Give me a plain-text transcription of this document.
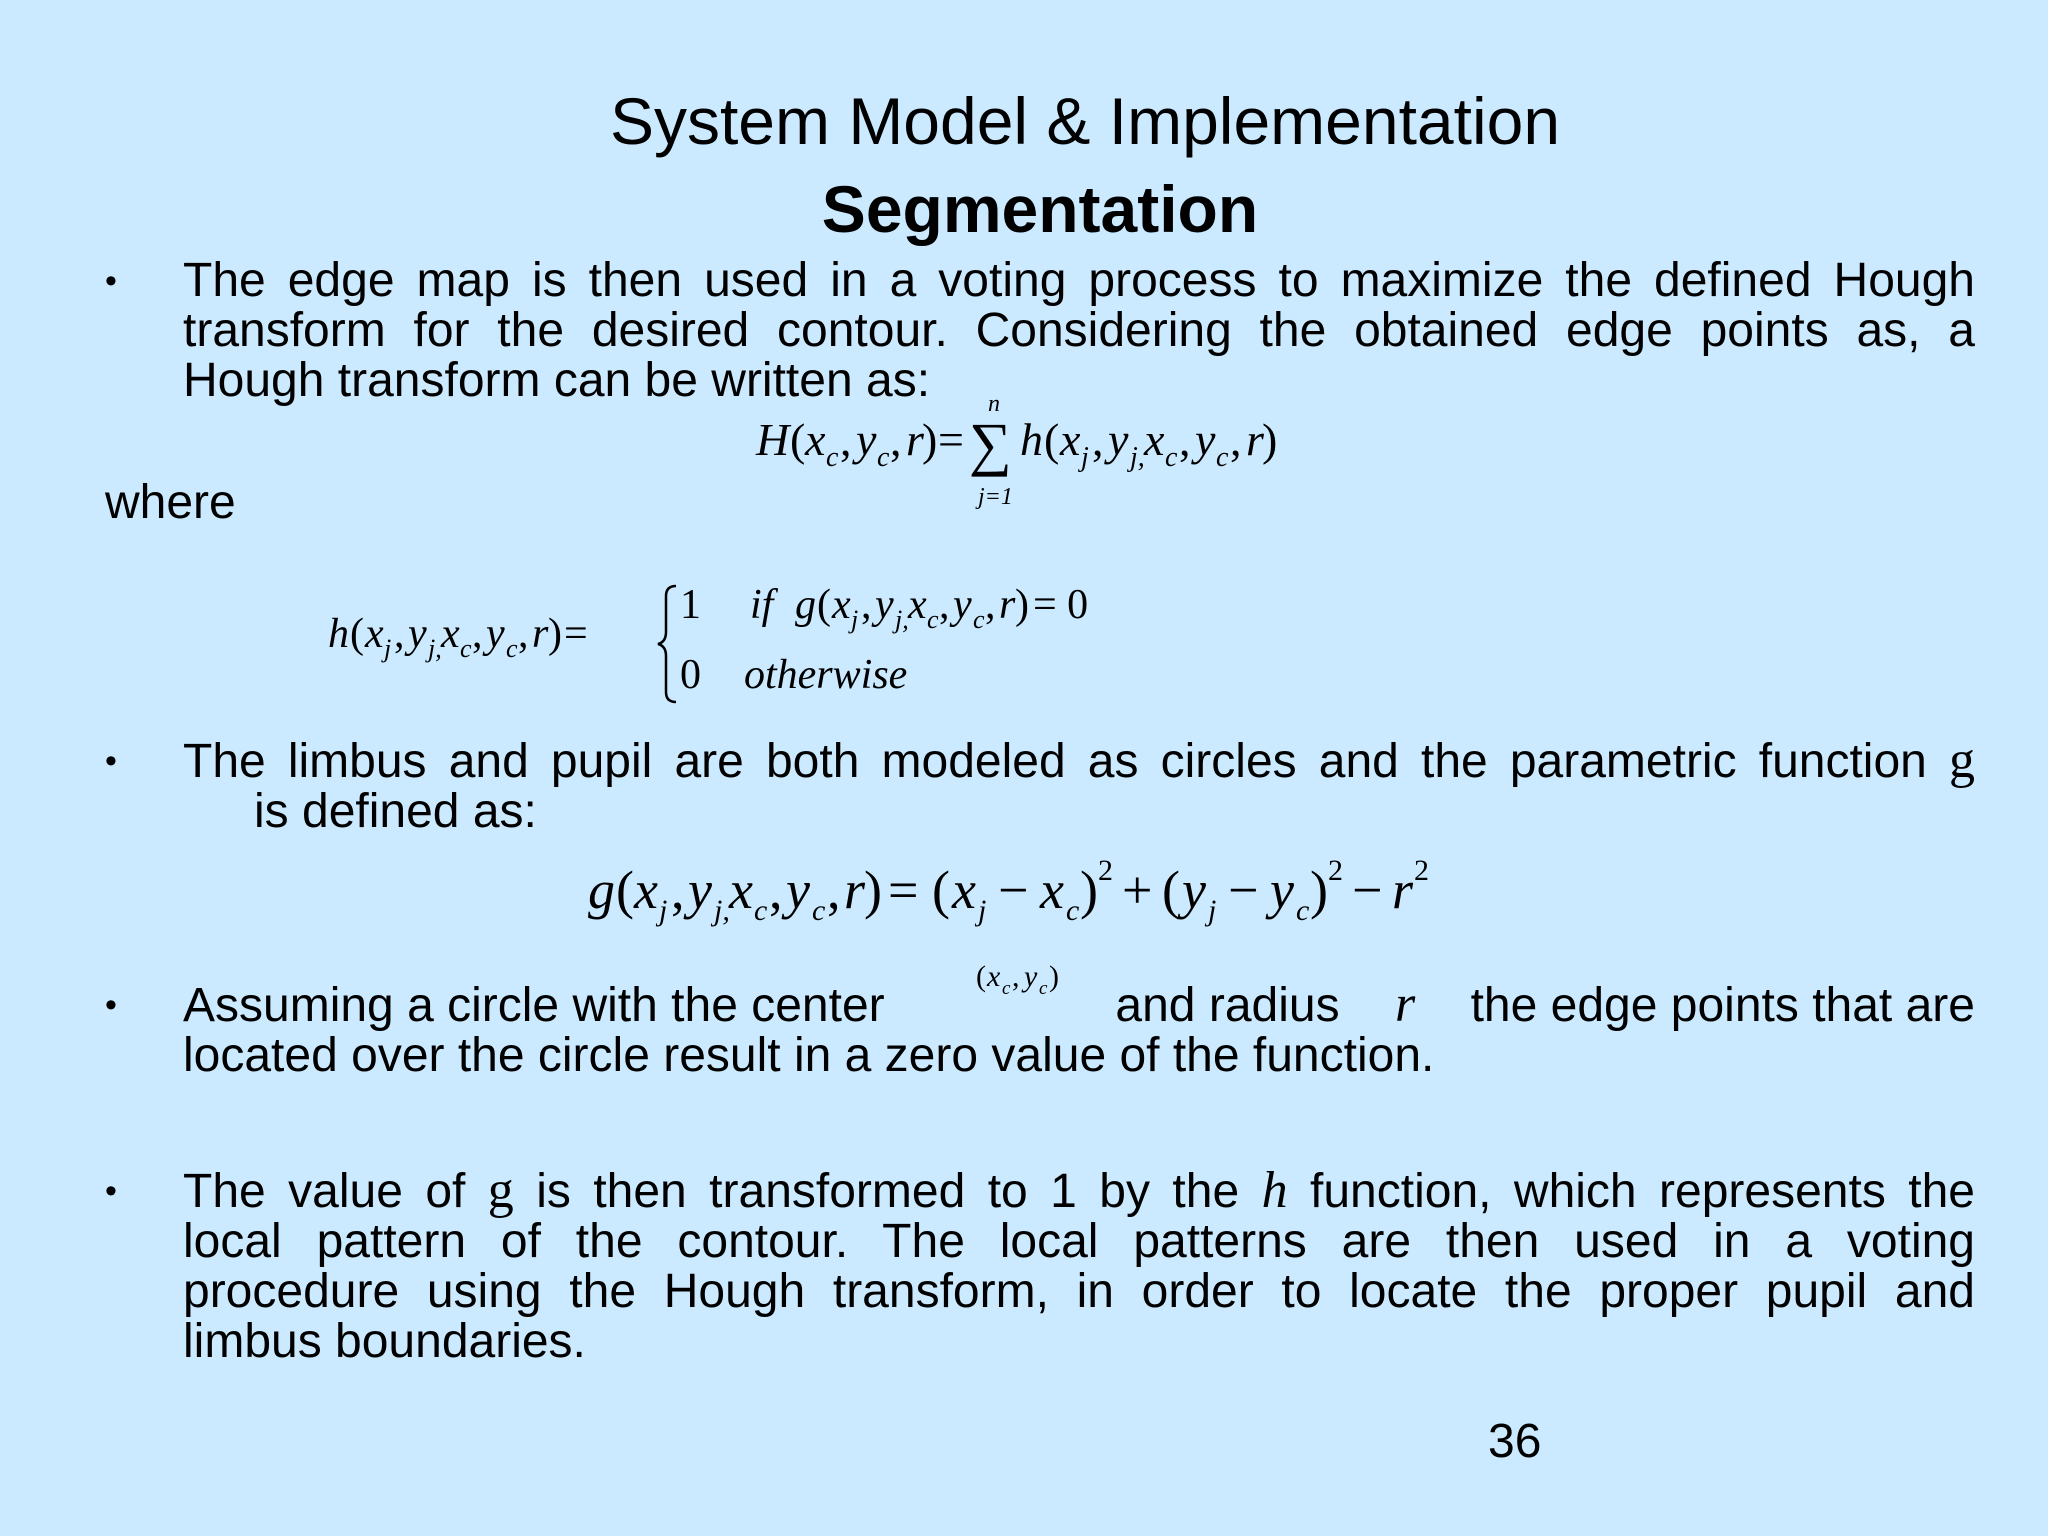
System Model & Implementation
Segmentation
• The edge map is then used in a voting process to maximize the defined Hough
transform for the desired contour. Considering the obtained edge points as, a
Hough transform can be written as:
H ( x c , y c , r
) =
n
∑
j=1
h ( x j , y j, x c , y c , r
)
where
h ( x j , y j, x c , y c , r ) =
1 if g ( x j , y j, x c , y c , r ) = 0
0 otherwise
• The limbus and pupil are both modeled as circles and the parametric function g
is defined as:
g ( x j , y j, x c , y c , r
) = ( x j − x c ) 2 + ( y j − y c ) 2 − r 2
• Assuming a circle with the center	and radius r the edge points that are
located over the circle result in a zero value of the function.
( x c , y c )
• The value of g is then transformed to 1 by the h function, which represents the
local pattern of the contour. The local patterns are then used in a voting
procedure using the Hough transform, in order to locate the proper pupil and
limbus boundaries.
36
